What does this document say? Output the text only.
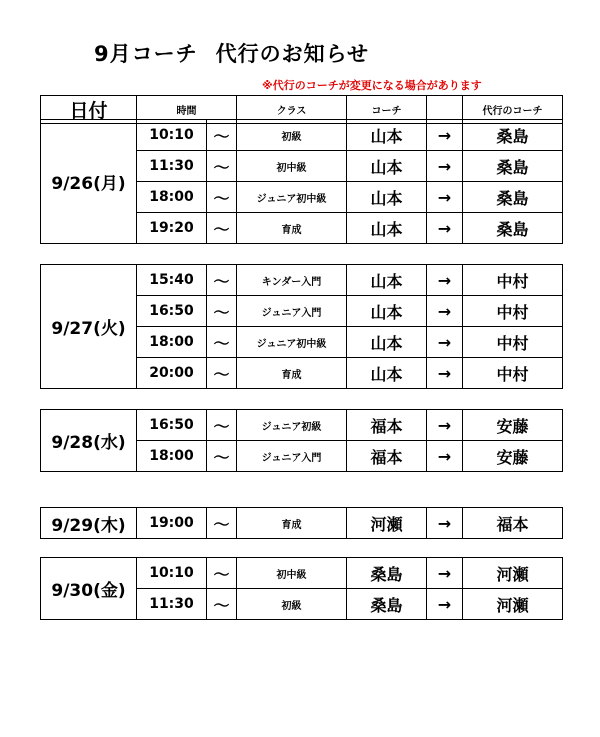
9月コーチ 代行のお知らせ
※代行のコーチが変更になる場合があります
日付	時間	クラス	コーチ		代行のコーチ
9/26(月)	10:10	～	初級	山本	→	桑島
	11:30	～	初中級	山本	→	桑島
	18:00	～	ジュニア初中級	山本	→	桑島
	19:20	～	育成	山本	→	桑島
9/27(火)	15:40	～	キンダー入門	山本	→	中村
	16:50	～	ジュニア入門	山本	→	中村
	18:00	～	ジュニア初中級	山本	→	中村
	20:00	～	育成	山本	→	中村
9/28(水)	16:50	～	ジュニア初級	福本	→	安藤
	18:00	～	ジュニア入門	福本	→	安藤
9/29(木)	19:00	～	育成	河瀬	→	福本
9/30(金)	10:10	～	初中級	桑島	→	河瀬
	11:30	～	初級	桑島	→	河瀬
